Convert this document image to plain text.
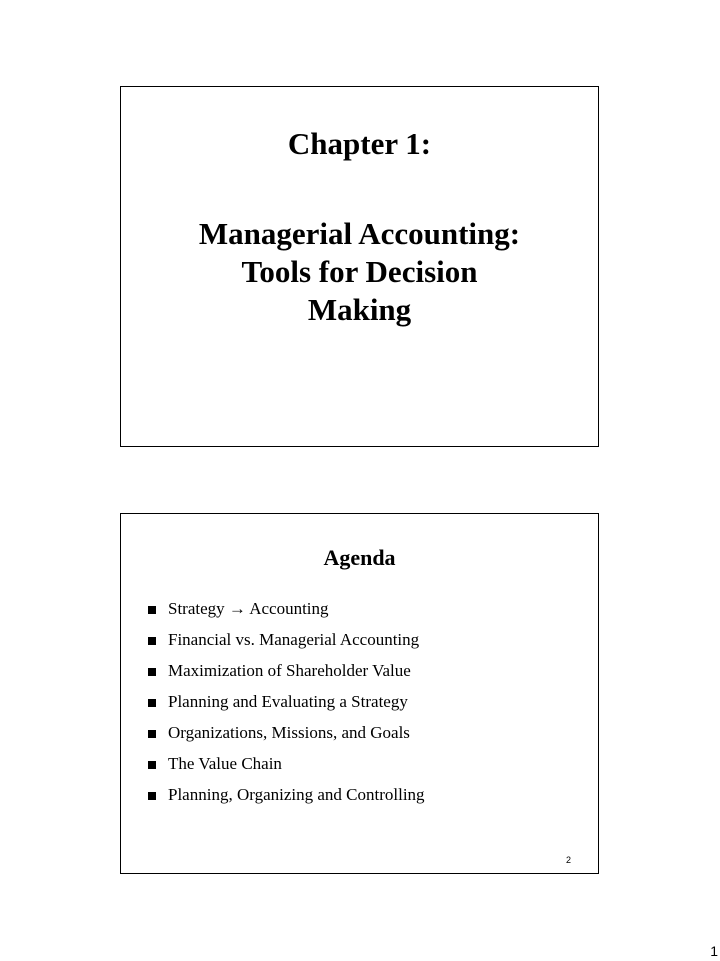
Chapter 1:

Managerial Accounting:
Tools for Decision
Making

Agenda

Strategy → Accounting
Financial vs. Managerial Accounting
Maximization of Shareholder Value
Planning and Evaluating a Strategy
Organizations, Missions, and Goals
The Value Chain
Planning, Organizing and Controlling
2
1
